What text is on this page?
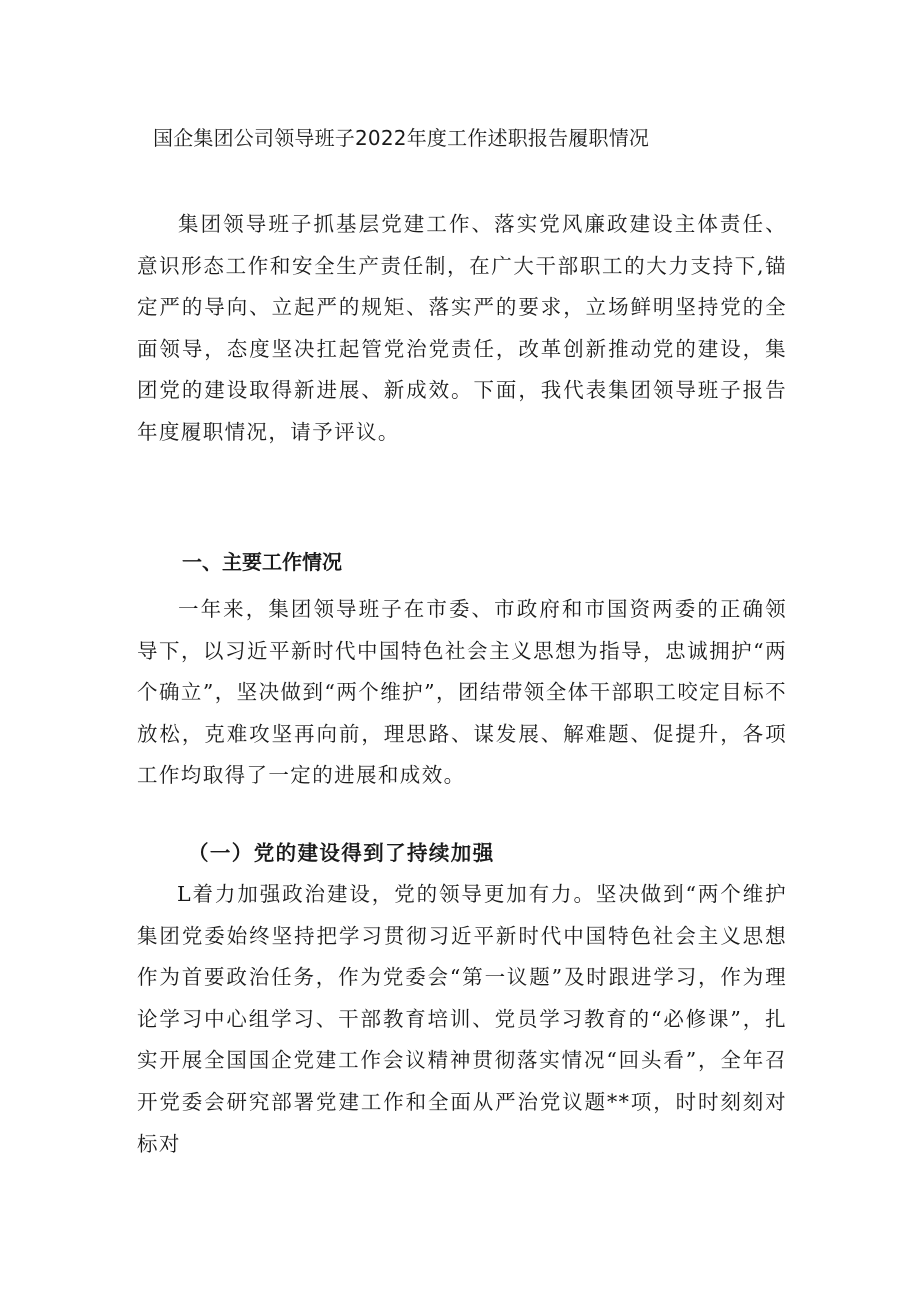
国企集团公司领导班子2022年度工作述职报告履职情况

集团领导班子抓基层党建工作、落实党风廉政建设主体责任、意识形态工作和安全生产责任制，在广大干部职工的大力支持下,锚定严的导向、立起严的规矩、落实严的要求，立场鲜明坚持党的全面领导，态度坚决扛起管党治党责任，改革创新推动党的建设，集团党的建设取得新进展、新成效。下面，我代表集团领导班子报告年度履职情况，请予评议。

一、主要工作情况

一年来，集团领导班子在市委、市政府和市国资两委的正确领导下，以习近平新时代中国特色社会主义思想为指导，忠诚拥护“两个确立”，坚决做到“两个维护”，团结带领全体干部职工咬定目标不放松，克难攻坚再向前，理思路、谋发展、解难题、促提升，各项工作均取得了一定的进展和成效。

（一）党的建设得到了持续加强

L着力加强政治建设，党的领导更加有力。坚决做到“两个维护集团党委始终坚持把学习贯彻习近平新时代中国特色社会主义思想作为首要政治任务，作为党委会“第一议题”及时跟进学习，作为理论学习中心组学习、干部教育培训、党员学习教育的“必修课”，扎实开展全国国企党建工作会议精神贯彻落实情况“回头看”，全年召开党委会研究部署党建工作和全面从严治党议题**项，时时刻刻对标对
